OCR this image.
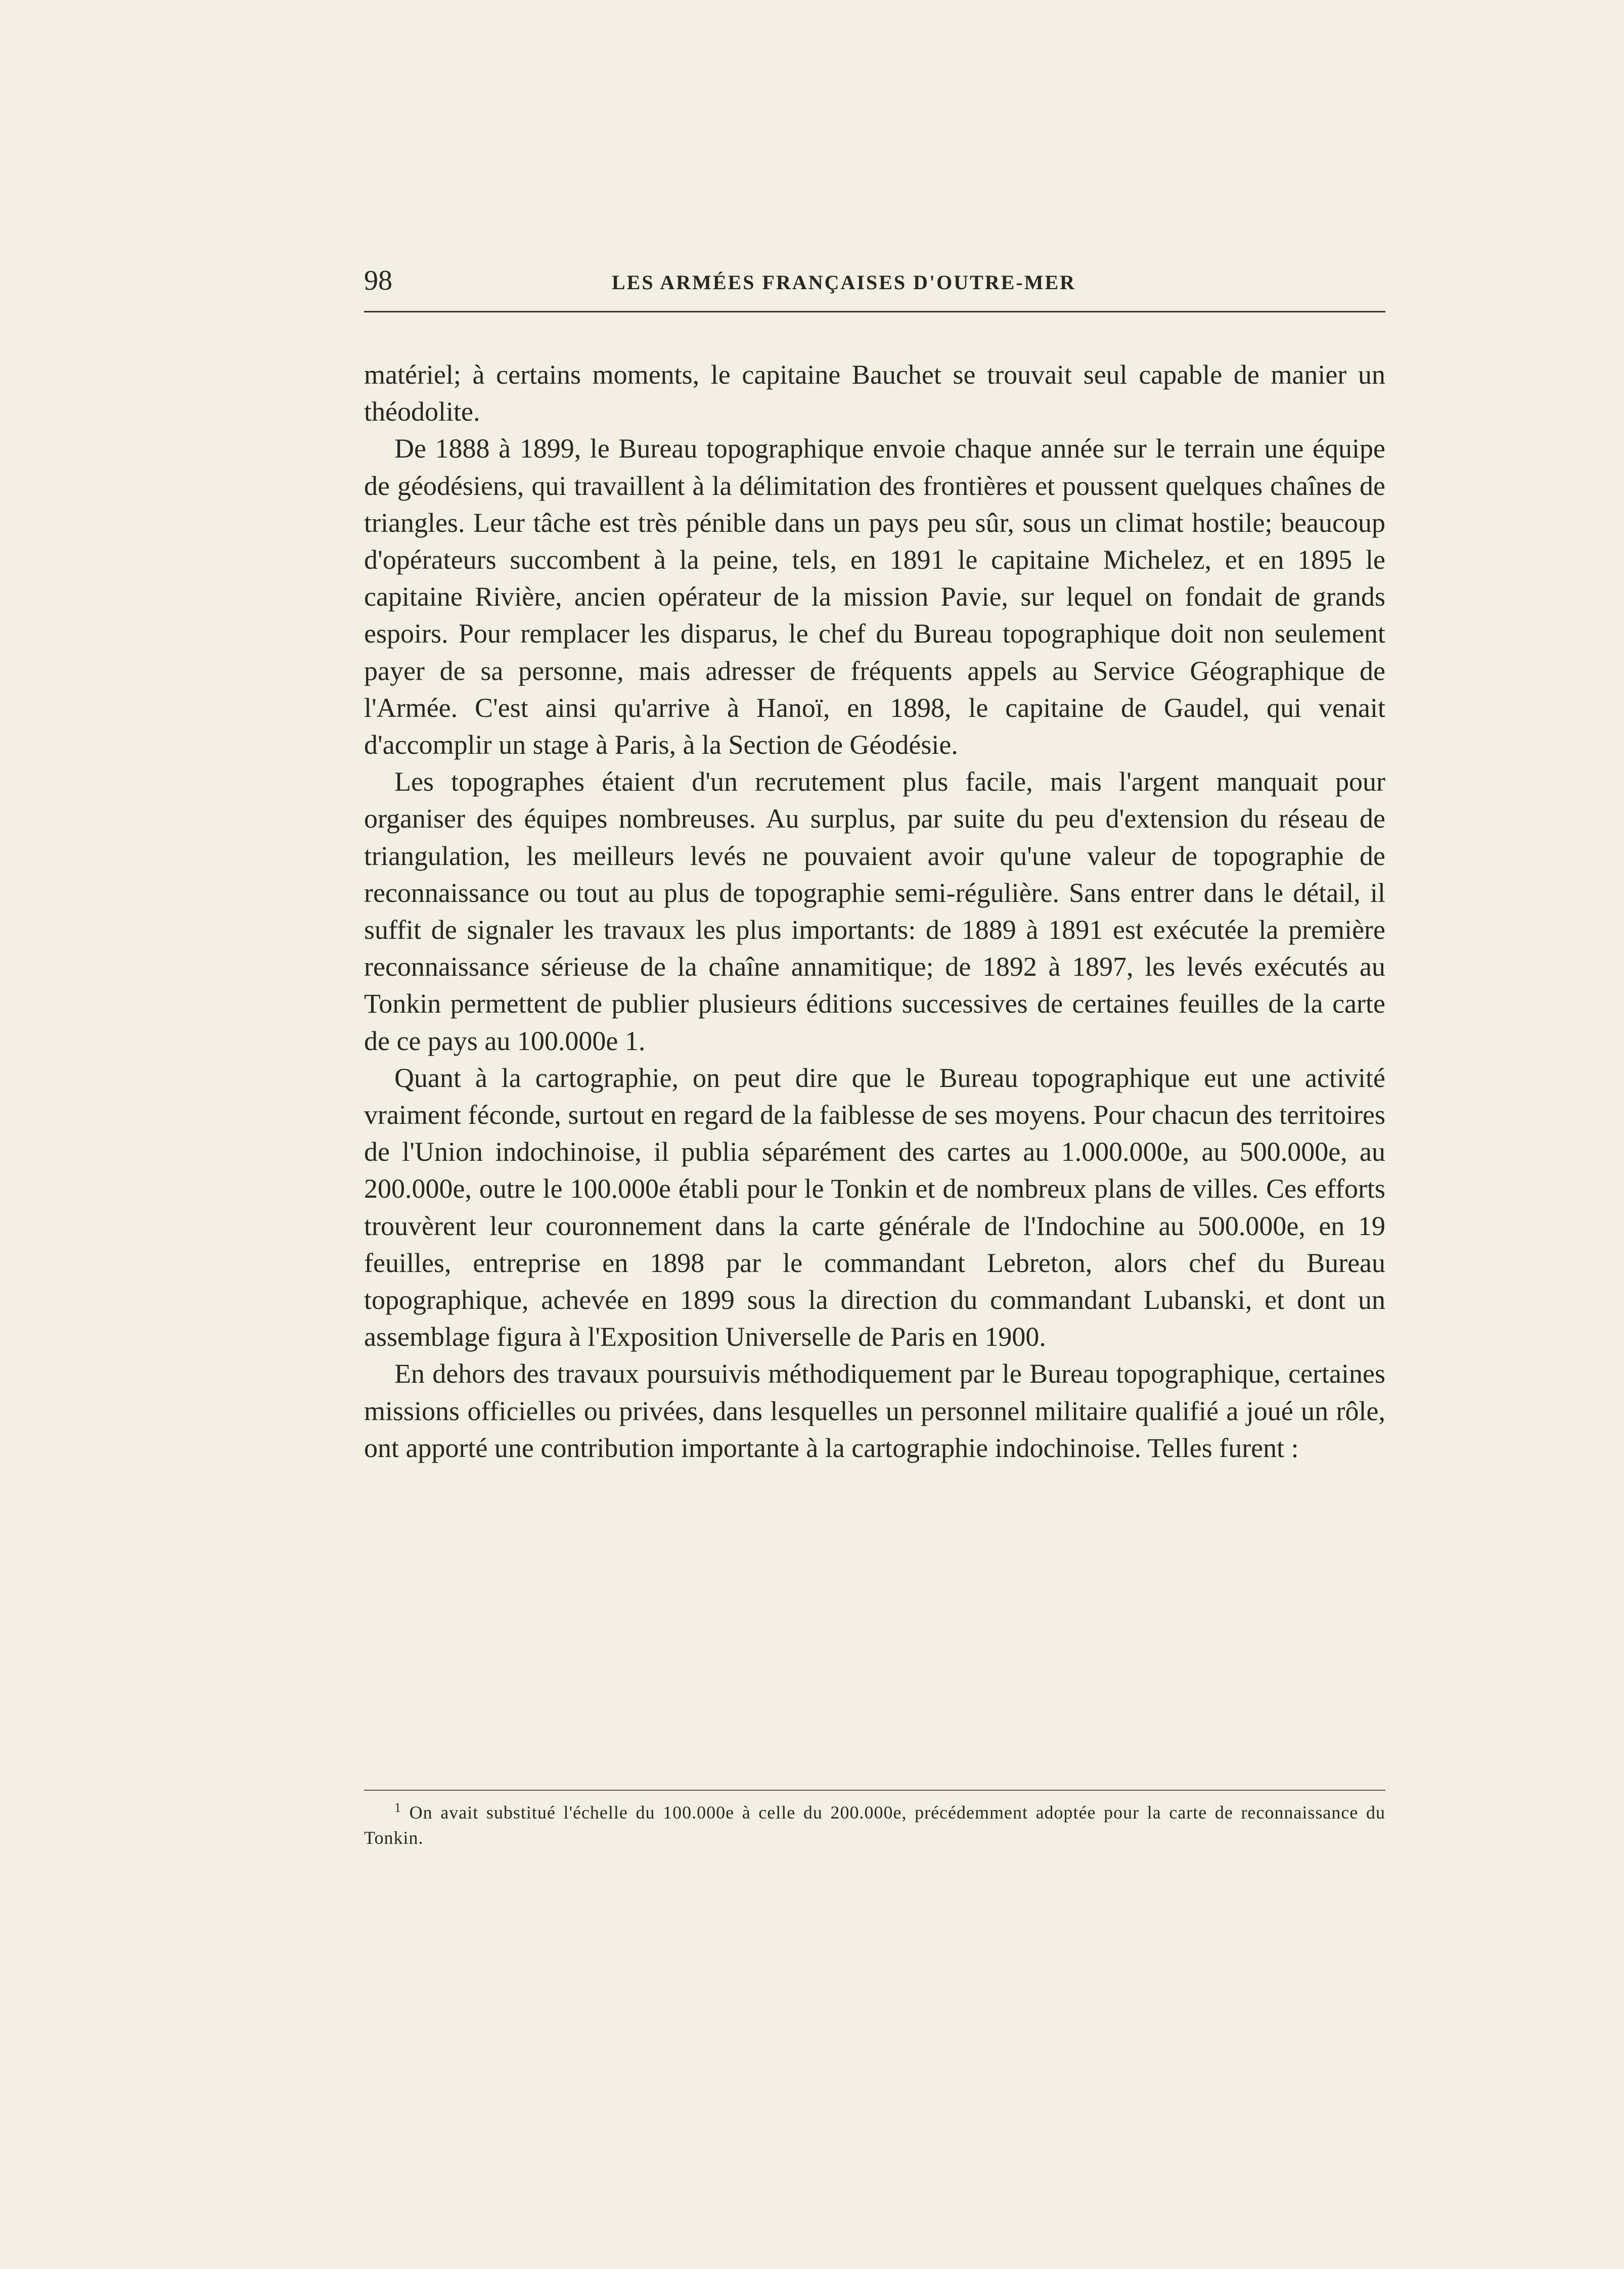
98	LES ARMÉES FRANÇAISES D'OUTRE-MER

matériel; à certains moments, le capitaine Bauchet se trouvait seul capable de manier un théodolite.

De 1888 à 1899, le Bureau topographique envoie chaque année sur le terrain une équipe de géodésiens, qui travaillent à la délimitation des frontières et poussent quelques chaînes de triangles. Leur tâche est très pénible dans un pays peu sûr, sous un climat hostile; beaucoup d'opérateurs succombent à la peine, tels, en 1891 le capitaine Michelez, et en 1895 le capitaine Rivière, ancien opérateur de la mission Pavie, sur lequel on fondait de grands espoirs. Pour remplacer les disparus, le chef du Bureau topographique doit non seulement payer de sa personne, mais adresser de fréquents appels au Service Géographique de l'Armée. C'est ainsi qu'arrive à Hanoï, en 1898, le capitaine de Gaudel, qui venait d'accomplir un stage à Paris, à la Section de Géodésie.

Les topographes étaient d'un recrutement plus facile, mais l'argent manquait pour organiser des équipes nombreuses. Au surplus, par suite du peu d'extension du réseau de triangulation, les meilleurs levés ne pouvaient avoir qu'une valeur de topographie de reconnaissance ou tout au plus de topographie semi-régulière. Sans entrer dans le détail, il suffit de signaler les travaux les plus importants: de 1889 à 1891 est exécutée la première reconnaissance sérieuse de la chaîne annamitique; de 1892 à 1897, les levés exécutés au Tonkin permettent de publier plusieurs éditions successives de certaines feuilles de la carte de ce pays au 100.000e 1.

Quant à la cartographie, on peut dire que le Bureau topographique eut une activité vraiment féconde, surtout en regard de la faiblesse de ses moyens. Pour chacun des territoires de l'Union indochinoise, il publia séparément des cartes au 1.000.000e, au 500.000e, au 200.000e, outre le 100.000e établi pour le Tonkin et de nombreux plans de villes. Ces efforts trouvèrent leur couronnement dans la carte générale de l'Indochine au 500.000e, en 19 feuilles, entreprise en 1898 par le commandant Lebreton, alors chef du Bureau topographique, achevée en 1899 sous la direction du commandant Lubanski, et dont un assemblage figura à l'Exposition Universelle de Paris en 1900.

En dehors des travaux poursuivis méthodiquement par le Bureau topographique, certaines missions officielles ou privées, dans lesquelles un personnel militaire qualifié a joué un rôle, ont apporté une contribution importante à la cartographie indochinoise. Telles furent :

$^1$ On avait substitué l'échelle du 100.000e à celle du 200.000e, précédemment adoptée pour la carte de reconnaissance du Tonkin.
